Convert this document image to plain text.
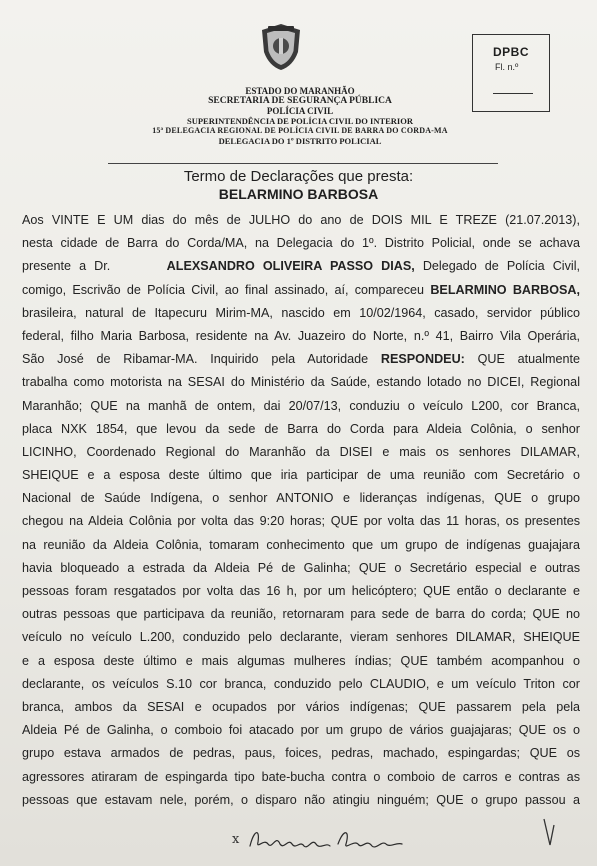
DPBC
Fl. n.º
ESTADO DO MARANHÃO
SECRETARIA DE SEGURANÇA PÚBLICA
POLÍCIA CIVIL
SUPERINTENDÊNCIA DE POLÍCIA CIVIL DO INTERIOR
15ª DELEGACIA REGIONAL DE POLÍCIA CIVIL DE BARRA DO CORDA-MA
DELEGACIA DO 1º DISTRITO POLICIAL
Termo de Declarações que presta:
BELARMINO BARBOSA
Aos VINTE E UM dias do mês de JULHO do ano de DOIS MIL E TREZE (21.07.2013),
nesta cidade de Barra do Corda/MA, na Delegacia do 1º. Distrito Policial, onde se achava
presente a Dr.	ALEXSANDRO OLIVEIRA PASSO DIAS, Delegado de Polícia Civil,
comigo, Escrivão de Polícia Civil, ao final assinado, aí, compareceu BELARMINO BARBOSA,
brasileira, natural de Itapecuru Mirim-MA, nascido em 10/02/1964, casado, servidor público
federal, filho Maria Barbosa, residente na Av. Juazeiro do Norte, n.º 41, Bairro Vila Operária,
São José de Ribamar-MA. Inquirido pela Autoridade RESPONDEU: QUE atualmente
trabalha como motorista na SESAI do Ministério da Saúde, estando lotado no DICEI, Regional
Maranhão; QUE na manhã de ontem, dai 20/07/13, conduziu o veículo L200, cor Branca,
placa NXK 1854, que levou da sede de Barra do Corda para Aldeia Colônia, o senhor
LICINHO, Coordenado Regional do Maranhão da DISEI e mais os senhores DILAMAR,
SHEIQUE e a esposa deste último que iria participar de uma reunião com Secretário o
Nacional de Saúde Indígena, o senhor ANTONIO e lideranças indígenas, QUE o grupo
chegou na Aldeia Colônia por volta das 9:20 horas; QUE por volta das 11 horas, os presentes
na reunião da Aldeia Colônia, tomaram conhecimento que um grupo de indígenas guajajara
havia bloqueado a estrada da Aldeia Pé de Galinha; QUE o Secretário especial e outras
pessoas foram resgatados por volta das 16 h, por um helicóptero; QUE então o declarante e
outras pessoas que participava da reunião, retornaram para sede de barra do corda; QUE no
veículo no veículo L.200, conduzido pelo declarante, vieram senhores DILAMAR, SHEIQUE
e a esposa deste último e mais algumas mulheres índias; QUE também acompanhou o
declarante, os veículos S.10 cor branca, conduzido pelo CLAUDIO, e um veículo Triton cor
branca, ambos da SESAI e ocupados por vários indígenas; QUE passarem pela pela
Aldeia Pé de Galinha, o comboio foi atacado por um grupo de vários guajajaras; QUE os o
grupo estava armados de pedras, paus, foices, pedras, machado, espingardas; QUE os
agressores atiraram de espingarda tipo bate-bucha contra o comboio de carros e contras as
pessoas que estavam nele, porém, o disparo não atingiu ninguém; QUE o grupo passou a
x
